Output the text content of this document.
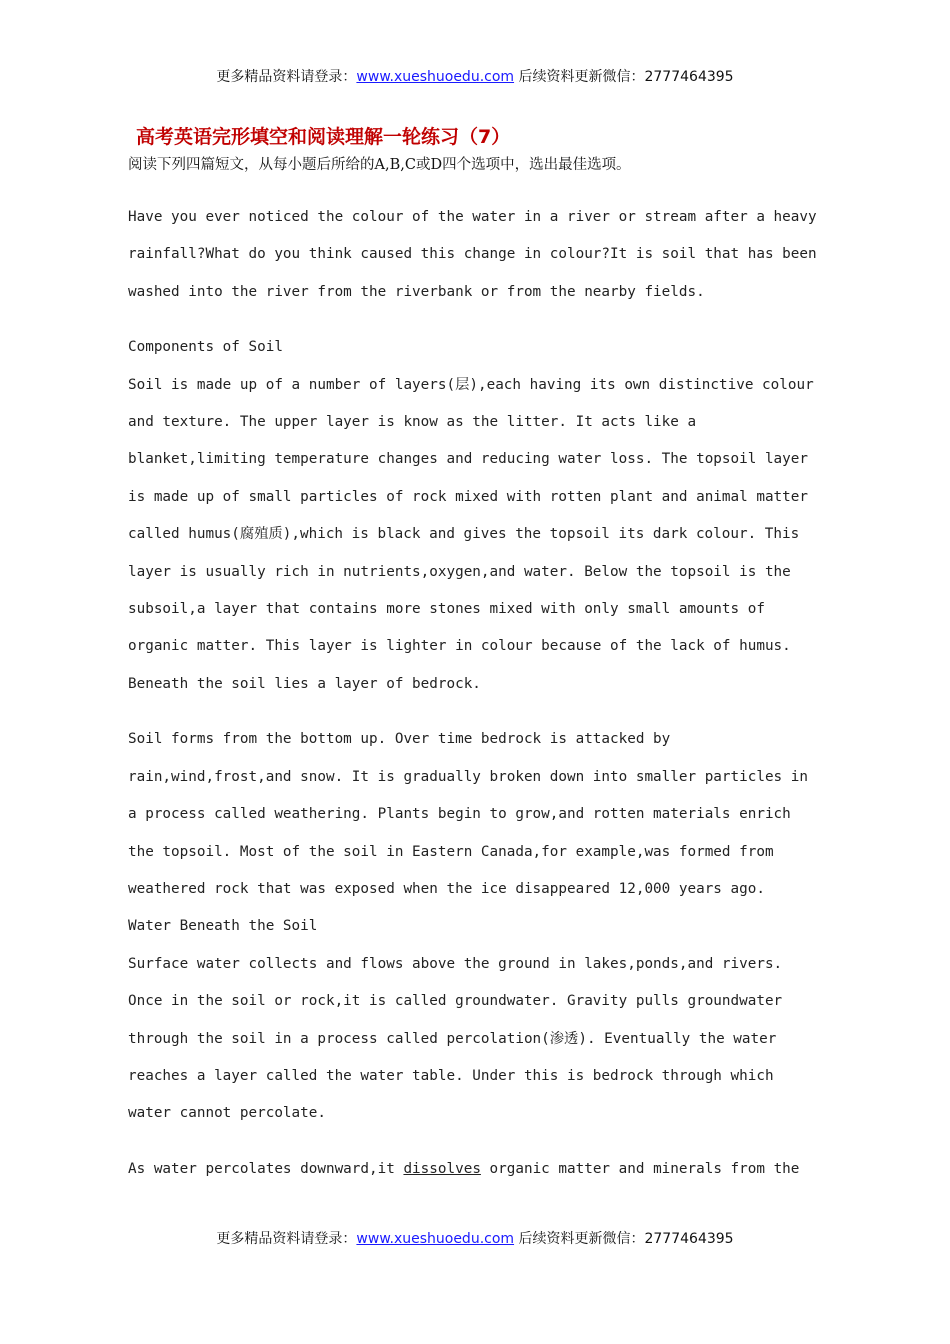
更多精品资料请登录：www.xueshuoedu.com 后续资料更新微信：2777464395
高考英语完形填空和阅读理解一轮练习（7）
阅读下列四篇短文，从每小题后所给的A,B,C或D四个选项中，选出最佳选项。

Have you ever noticed the colour of the water in a river or stream after a heavy rainfall?What do you think caused this change in colour?It is soil that has been washed into the river from the riverbank or from the nearby fields.

Components of Soil

Soil is made up of a number of layers(层),each having its own distinctive colour and texture. The upper layer is know as the litter. It acts like a blanket,limiting temperature changes and reducing water loss. The topsoil layer is made up of small particles of rock mixed with rotten plant and animal matter called humus(腐殖质),which is black and gives the topsoil its dark colour. This layer is usually rich in nutrients,oxygen,and water. Below the topsoil is the subsoil,a layer that contains more stones mixed with only small amounts of organic matter. This layer is lighter in colour because of the lack of humus. Beneath the soil lies a layer of bedrock.

Soil forms from the bottom up. Over time bedrock is attacked by rain,wind,frost,and snow. It is gradually broken down into smaller particles in a process called weathering. Plants begin to grow,and rotten materials enrich the topsoil. Most of the soil in Eastern Canada,for example,was formed from weathered rock that was exposed when the ice disappeared 12,000 years ago.

Water Beneath the Soil

Surface water collects and flows above the ground in lakes,ponds,and rivers. Once in the soil or rock,it is called groundwater. Gravity pulls groundwater through the soil in a process called percolation(渗透). Eventually the water reaches a layer called the water table. Under this is bedrock through which water cannot percolate.

As water percolates downward,it dissolves organic matter and minerals from the

更多精品资料请登录：www.xueshuoedu.com 后续资料更新微信：2777464395
